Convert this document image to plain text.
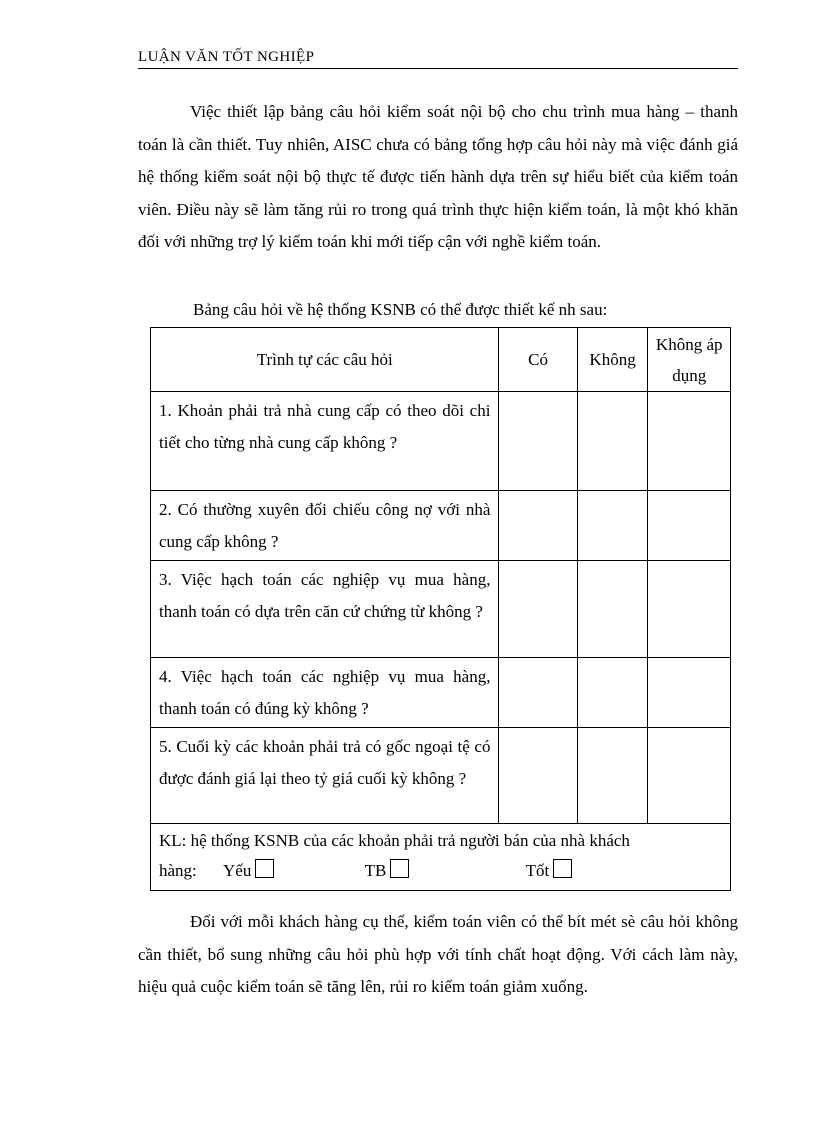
LUẬN VĂN TỐT NGHIỆP

Việc thiết lập bảng câu hỏi kiểm soát nội bộ cho chu trình mua hàng – thanh toán là cần thiết. Tuy nhiên, AISC chưa có bảng tổng hợp câu hỏi này mà việc đánh giá hệ thống kiểm soát nội bộ thực tế được tiến hành dựa trên sự hiểu biết của kiểm toán viên. Điều này sẽ làm tăng rủi ro trong quá trình thực hiện kiểm toán, là một khó khăn đối với những trợ lý kiểm toán khi mới tiếp cận với nghề kiểm toán.

Bảng câu hỏi về hệ thống KSNB có thể được thiết kế nh sau:

Trình tự các câu hỏi	Có	Không	Không áp dụng

1. Khoản phải trả nhà cung cấp có theo dõi chi tiết cho từng nhà cung cấp không ?			

2. Có thường xuyên đối chiếu công nợ với nhà cung cấp không ?			

3. Việc hạch toán các nghiệp vụ mua hàng, thanh toán có dựa trên căn cứ chứng từ không ?			

4. Việc hạch toán các nghiệp vụ mua hàng, thanh toán có đúng kỳ không ?			

5. Cuối kỳ các khoản phải trả có gốc ngoại tệ có được đánh giá lại theo tỷ giá cuối kỳ không ?			

KL: hệ thống KSNB của các khoản phải trả người bán của nhà khách
hàng: Yếu TB Tốt			

Đối với mỗi khách hàng cụ thể, kiểm toán viên có thể bít mét sè câu hỏi không cần thiết, bổ sung những câu hỏi phù hợp với tính chất hoạt động. Với cách làm này, hiệu quả cuộc kiểm toán sẽ tăng lên, rủi ro kiểm toán giảm xuống.
